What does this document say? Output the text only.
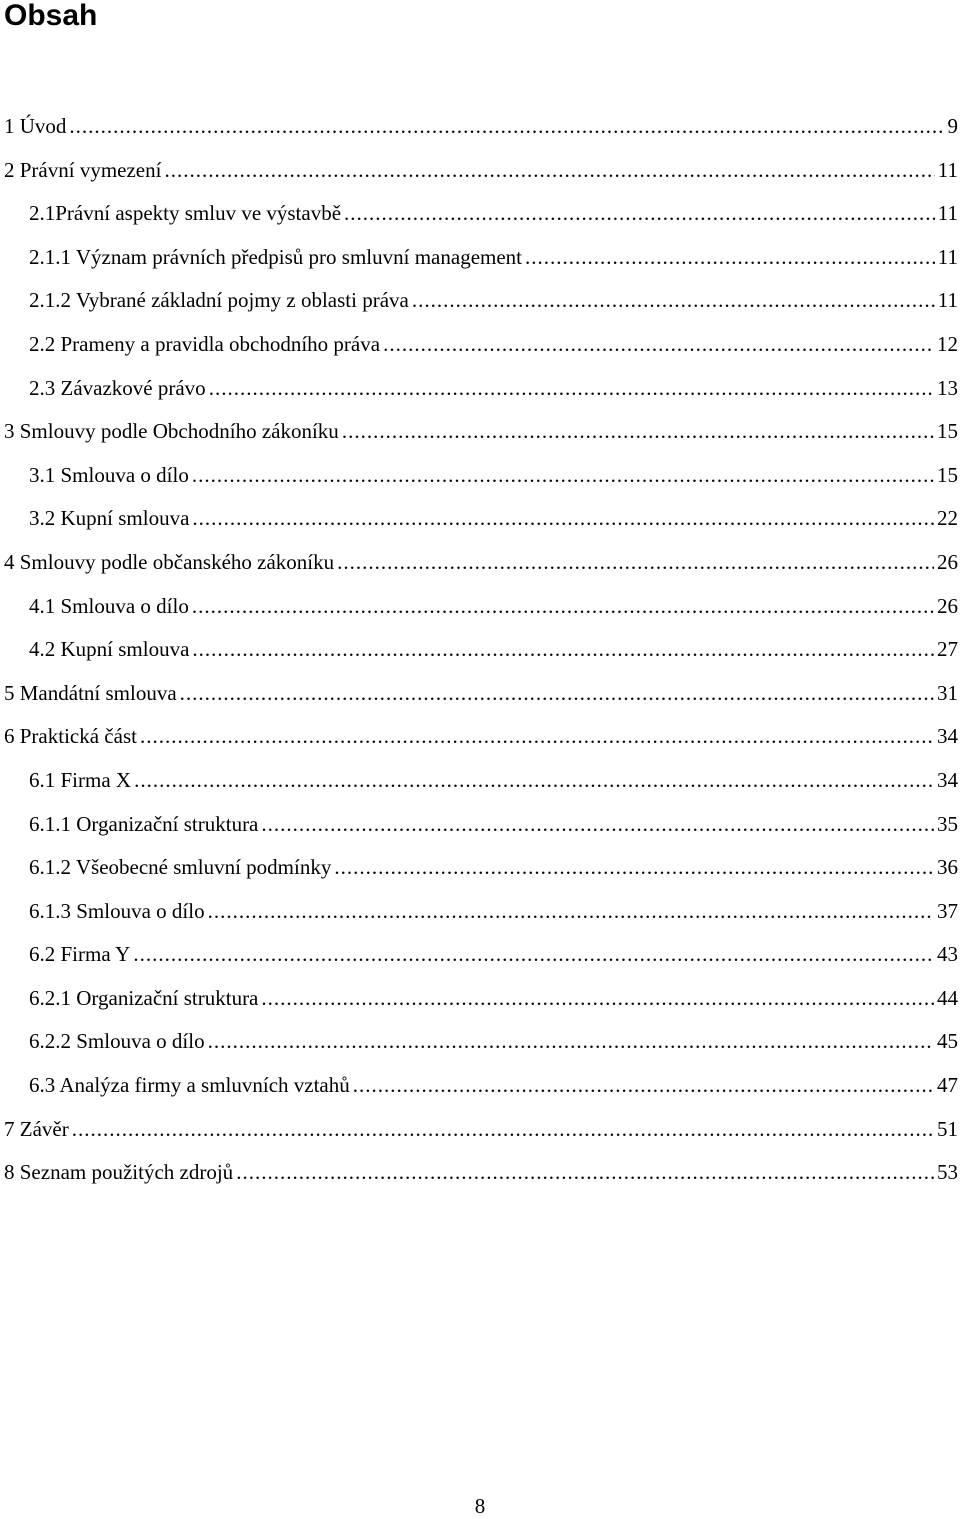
Obsah
1 Úvod .....	9
2 Právní vymezení .....	11
2.1Právní aspekty smluv ve výstavbě .....	11
2.1.1 Význam právních předpisů pro smluvní management .....	11
2.1.2 Vybrané základní pojmy z oblasti práva .....	11
2.2 Prameny a pravidla obchodního práva .....	12
2.3 Závazkové právo .....	13
3 Smlouvy podle Obchodního zákoníku .....	15
3.1 Smlouva o dílo .....	15
3.2 Kupní smlouva .....	22
4 Smlouvy podle občanského zákoníku .....	26
4.1 Smlouva o dílo .....	26
4.2 Kupní smlouva .....	27
5 Mandátní smlouva .....	31
6 Praktická část .....	34
6.1 Firma X .....	34
6.1.1 Organizační struktura .....	35
6.1.2 Všeobecné smluvní podmínky .....	36
6.1.3 Smlouva o dílo .....	37
6.2 Firma Y .....	43
6.2.1 Organizační struktura .....	44
6.2.2 Smlouva o dílo .....	45
6.3 Analýza firmy a smluvních vztahů .....	47
7 Závěr .....	51
8 Seznam použitých zdrojů .....	53
8
